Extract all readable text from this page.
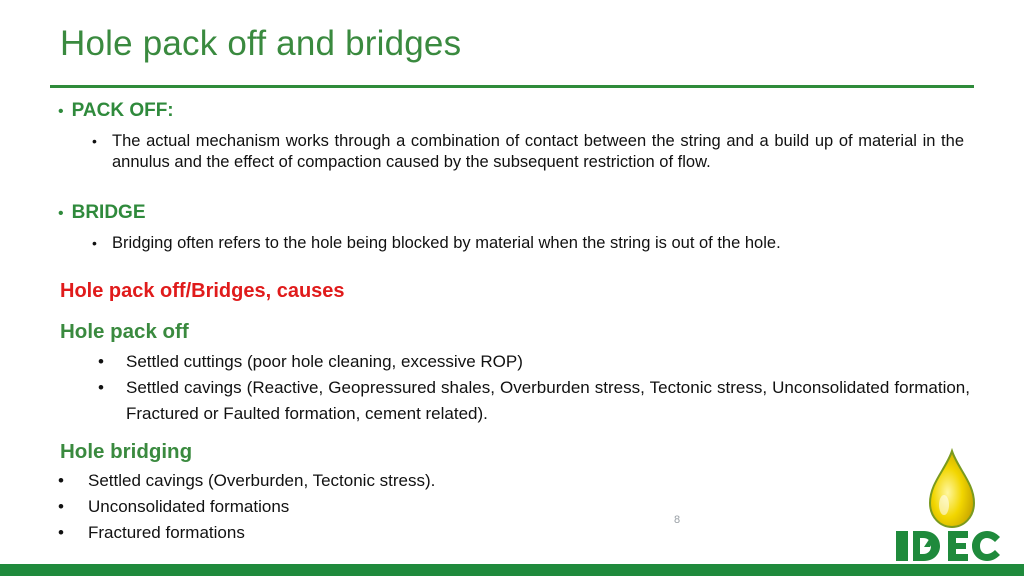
Hole pack off and bridges
• PACK OFF:
• The actual mechanism works through a combination of contact between the string and a build up of material in the annulus and the effect of compaction caused by the subsequent restriction of flow.
• BRIDGE
• Bridging often refers to the hole being blocked by material when the string is out of the hole.
Hole pack off/Bridges, causes
Hole pack off
•	Settled cuttings (poor hole cleaning, excessive ROP)
•	Settled cavings (Reactive, Geopressured shales, Overburden stress, Tectonic stress, Unconsolidated formation, Fractured or Faulted formation, cement related).
Hole bridging
•	Settled cavings (Overburden, Tectonic stress).
•	Unconsolidated formations
•	Fractured formations
8
